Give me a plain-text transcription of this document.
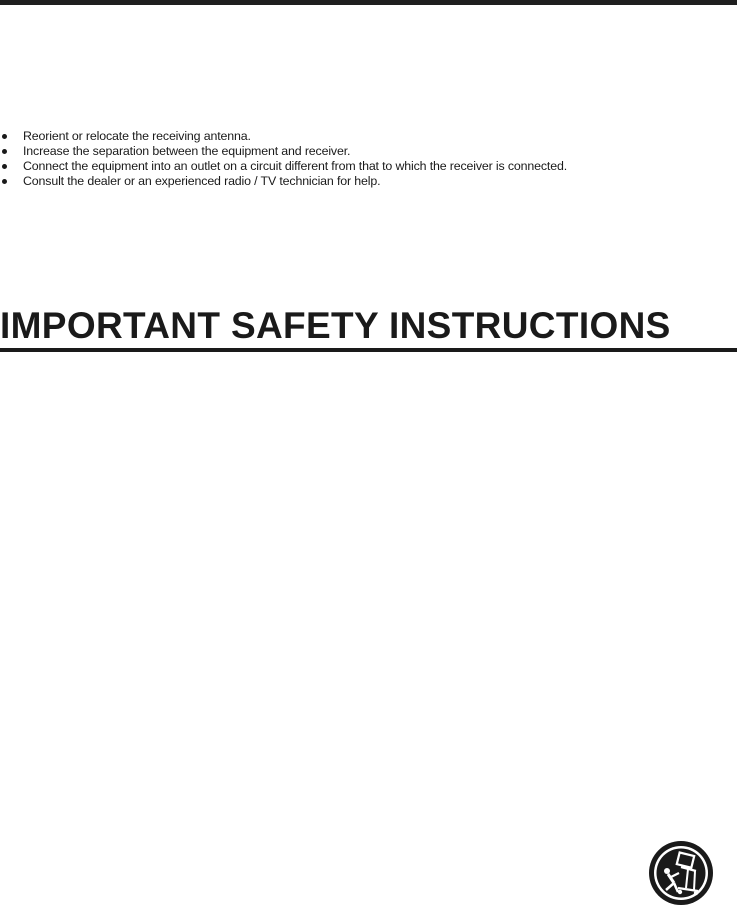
Reorient or relocate the receiving antenna.
Increase the separation between the equipment and receiver.
Connect the equipment into an outlet on a circuit different from that to which the receiver is connected.
Consult the dealer or an experienced radio / TV technician for help.
IMPORTANT SAFETY INSTRUCTIONS
